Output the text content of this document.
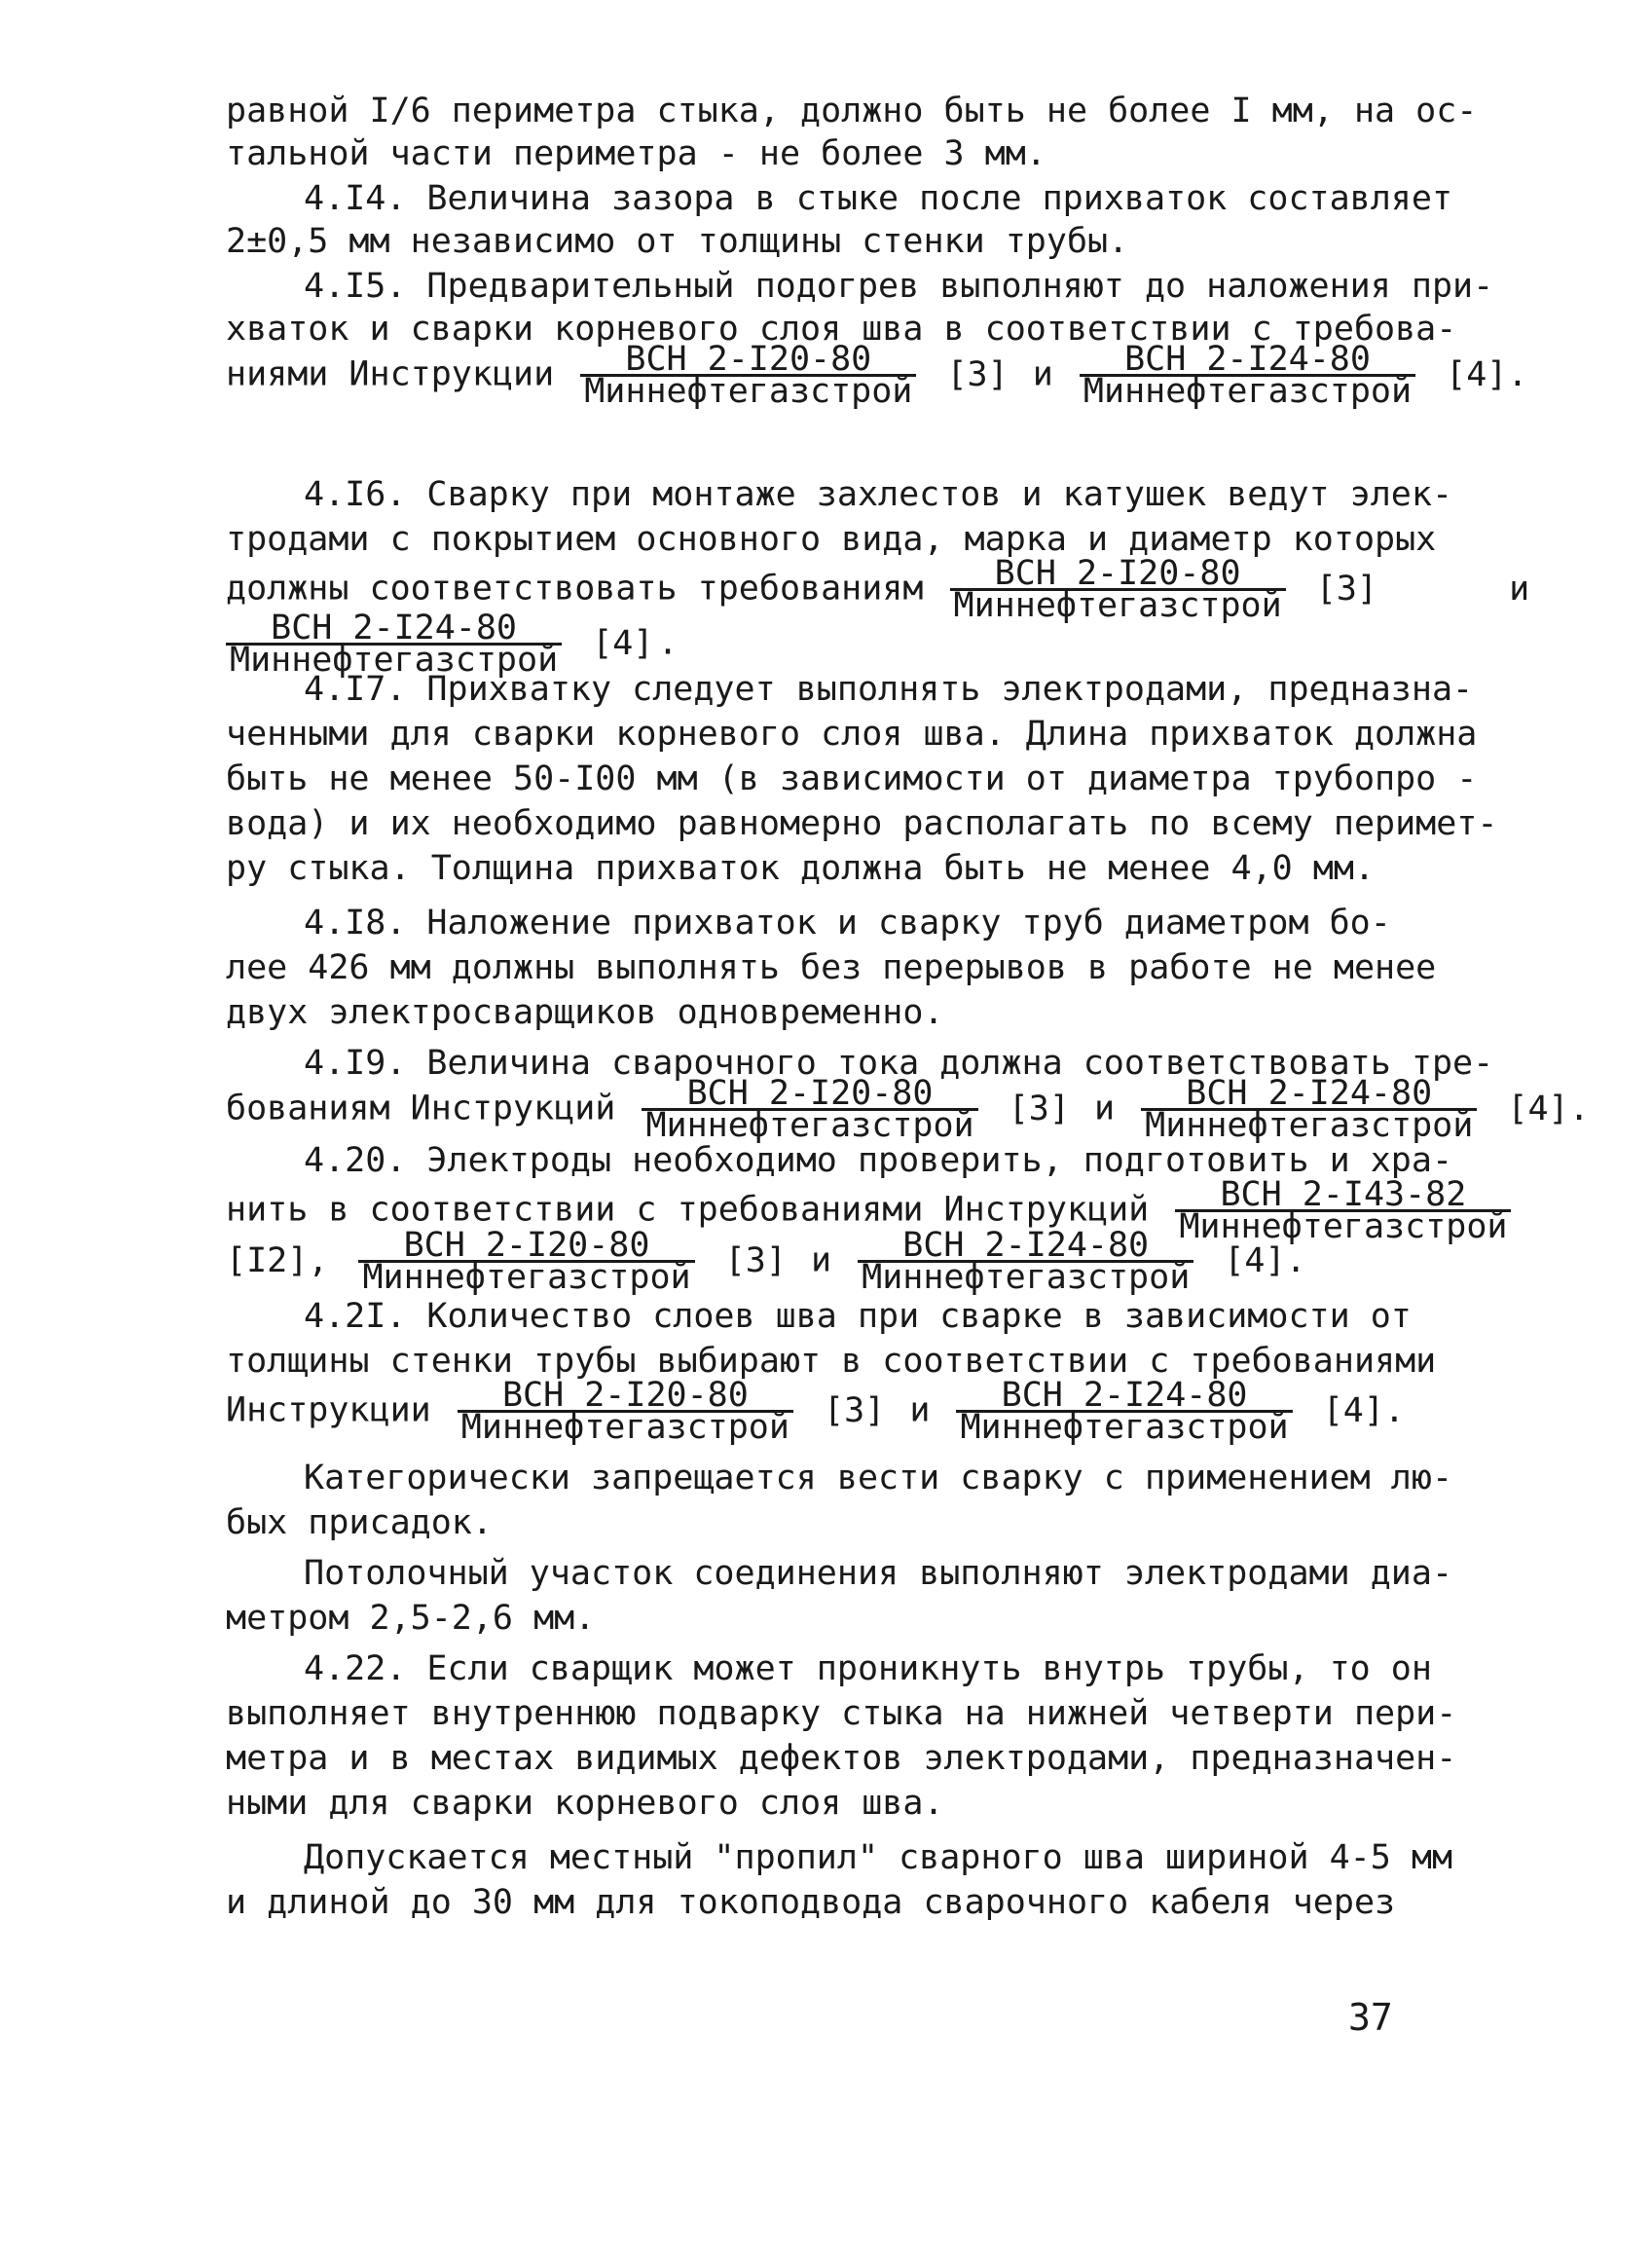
равной I/6 периметра стыка, должно быть не более I мм, на ос-
тальной части периметра - не более 3 мм.
4.I4. Величина зазора в стыке после прихваток составляет
2±0,5 мм независимо от толщины стенки трубы.
4.I5. Предварительный подогрев выполняют до наложения при-
хваток и сварки корневого слоя шва в соответствии с требова-
ниями Инструкции $\frac{\text{ВСН 2-I20-80}}{\text{Миннефтегазстрой}} [3]$ и $\frac{\text{ВСН 2-I24-80}}{\text{Миннефтегазстрой}} [4]$.
4.I6. Сварку при монтаже захлестов и катушек ведут элек-
тродами с покрытием основного вида, марка и диаметр которых
должны соответствовать требованиям $\frac{\text{ВСН 2-I20-80}}{\text{Миннефтегазстрой}} [3]$	и
$\frac{\text{ВСН 2-I24-80}}{\text{Миннефтегазстрой}} [4]$ .
4.I7. Прихватку следует выполнять электродами, предназна-
ченными для сварки корневого слоя шва. Длина прихваток должна
быть не менее 50-I00 мм (в зависимости от диаметра трубопро -
вода) и их необходимо равномерно располагать по всему перимет-
ру стыка. Толщина прихваток должна быть не менее 4,0 мм.
4.I8. Наложение прихваток и сварку труб диаметром бо-
лее 426 мм должны выполнять без перерывов в работе не менее
двух электросварщиков одновременно.
4.I9. Величина сварочного тока должна соответствовать тре-
бованиям Инструкций $\frac{\text{ВСН 2-I20-80}}{\text{Миннефтегазстрой}} [3]$ и $\frac{\text{ВСН 2-I24-80}}{\text{Миннефтегазстрой}} [4]$.
4.20. Электроды необходимо проверить, подготовить и хра-
нить в соответствии с требованиями Инструкций $\frac{\text{ВСН 2-I43-82}}{\text{Миннефтегазстрой}}$
[I2], $\frac{\text{ВСН 2-I20-80}}{\text{Миннефтегазстрой}} [3]$ и $\frac{\text{ВСН 2-I24-80}}{\text{Миннефтегазстрой}} [4]$.
4.2I. Количество слоев шва при сварке в зависимости от
толщины стенки трубы выбирают в соответствии с требованиями
Инструкции $\frac{\text{ВСН 2-I20-80}}{\text{Миннефтегазстрой}} [3]$ и $\frac{\text{ВСН 2-I24-80}}{\text{Миннефтегазстрой}} [4]$.
Категорически запрещается вести сварку с применением лю-
бых присадок.
Потолочный участок соединения выполняют электродами диа-
метром 2,5-2,6 мм.
4.22. Если сварщик может проникнуть внутрь трубы, то он
выполняет внутреннюю подварку стыка на нижней четверти пери-
метра и в местах видимых дефектов электродами, предназначен-
ными для сварки корневого слоя шва.
Допускается местный "пропил" сварного шва шириной 4-5 мм
и длиной до 30 мм для токоподвода сварочного кабеля через
37
